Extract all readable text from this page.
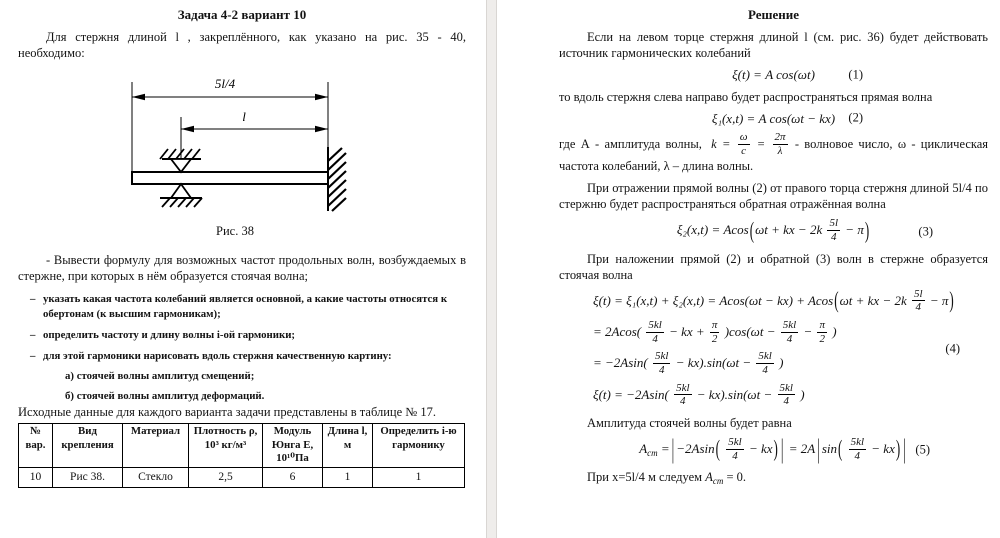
Задача 4-2 вариант 10

Для стержня длиной l , закреплённого, как указано на рис. 35 - 40, необходимо:

5l/4
l
Рис. 38

- Вывести формулу для возможных частот продольных волн, возбуждаемых в стержне, при которых в нём образуется стоячая волна;

– указать какая частота колебаний является основной, а какие частоты относятся к обертонам (к высшим гармоникам);
– определить частоту и длину волны i-ой гармоники;
– для этой гармоники нарисовать вдоль стержня качественную картину:
а) стоячей волны амплитуд смещений;
б) стоячей волны амплитуд деформаций.

Исходные данные для каждого варианта задачи представлены в таблице № 17.

№ вар.	Вид крепления	Материал	Плотность ρ, 10³ кг/м³	Модуль Юнга Е, 10¹⁰Па	Длина l, м	Определить i-ю гармонику
10	Рис 38.	Стекло	2,5	6	1	1
Решение

Если на левом торце стержня длиной l (см. рис. 36) будет действовать источник гармонических колебаний

ξ(t) = A cos(ωt)	(1)

то вдоль стержня слева направо будет распространяться прямая волна

ξ₁(x,t) = A cos(ωt − kx) (2)

где А - амплитуда волны, $k = \frac{\omega}{c} = \frac{2\pi}{\lambda}$ - волновое число, ω - циклическая частота колебаний, λ – длина волны.

При отражении прямой волны (2) от правого торца стержня длиной 5l/4 по стержню будет распространяться обратная отражённая волна

ξ₂(x,t) = Acos(ωt + kx − $2k \frac{5l}{4} - \pi$)	(3)

При наложении прямой (2) и обратной (3) волн в стержне образуется стоячая волна

ξ(t) = ξ₁(x,t) + ξ₂(x,t) = Acos(ωt − kx) + Acos(ωt + kx − $2k \frac{5l}{4} - \pi$)
= $2Acos( \frac{5kl}{4}$ − kx + $\frac{\pi}{2} )\cos(\omega t - \frac{5kl}{4} - \frac{\pi}{2}$ )
= $-2Asin( \frac{5kl}{4} - kx).\sin(\omega t - \frac{5kl}{4}$ )
$\xi(t) = -2Asin( \frac{5kl}{4} - kx).\sin(\omega t - \frac{5kl}{4}$ )
(4)

Амплитуда стоячей волны будет равна

$A_{ст}$ = | $-2Asin( \frac{5kl}{4} - kx)$ | = 2A | $\sin( \frac{5kl}{4} - kx)$ | (5)

При x=5l/4 м следуем $A_{ст} = 0$.
